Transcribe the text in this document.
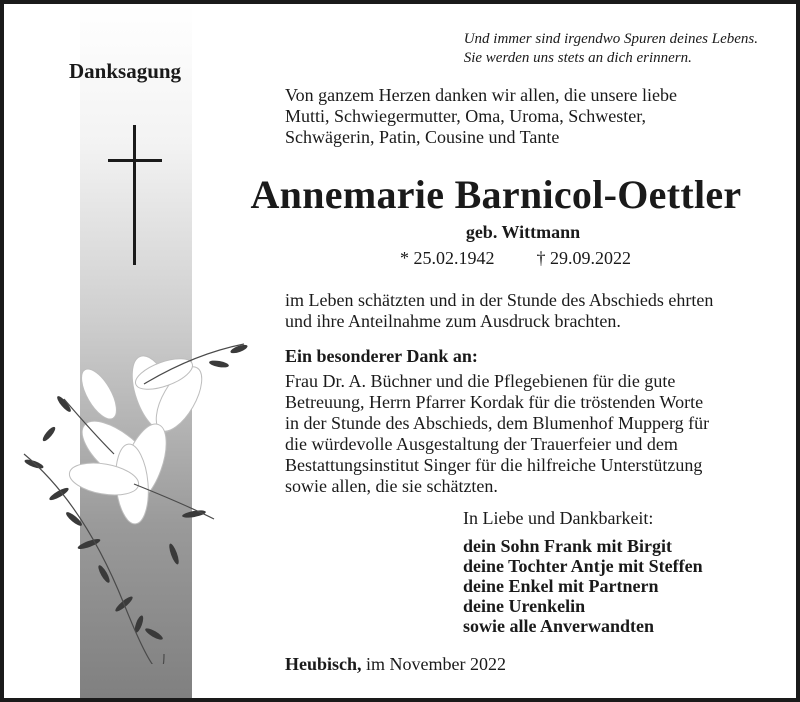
Danksagung
Und immer sind irgendwo Spuren deines Lebens.
Sie werden uns stets an dich erinnern.
Von ganzem Herzen danken wir allen, die unsere liebe
Mutti, Schwiegermutter, Oma, Uroma, Schwester,
Schwägerin, Patin, Cousine und Tante
Annemarie Barnicol-Oettler
geb. Wittmann
* 25.02.1942 † 29.09.2022
im Leben schätzten und in der Stunde des Abschieds ehrten
und ihre Anteilnahme zum Ausdruck brachten.
Ein besonderer Dank an:
Frau Dr. A. Büchner und die Pflegebienen für die gute
Betreuung, Herrn Pfarrer Kordak für die tröstenden Worte
in der Stunde des Abschieds, dem Blumenhof Mupperg für
die würdevolle Ausgestaltung der Trauerfeier und dem
Bestattungsinstitut Singer für die hilfreiche Unterstützung
sowie allen, die sie schätzten.
In Liebe und Dankbarkeit:
dein Sohn Frank mit Birgit
deine Tochter Antje mit Steffen
deine Enkel mit Partnern
deine Urenkelin
sowie alle Anverwandten
Heubisch, im November 2022
